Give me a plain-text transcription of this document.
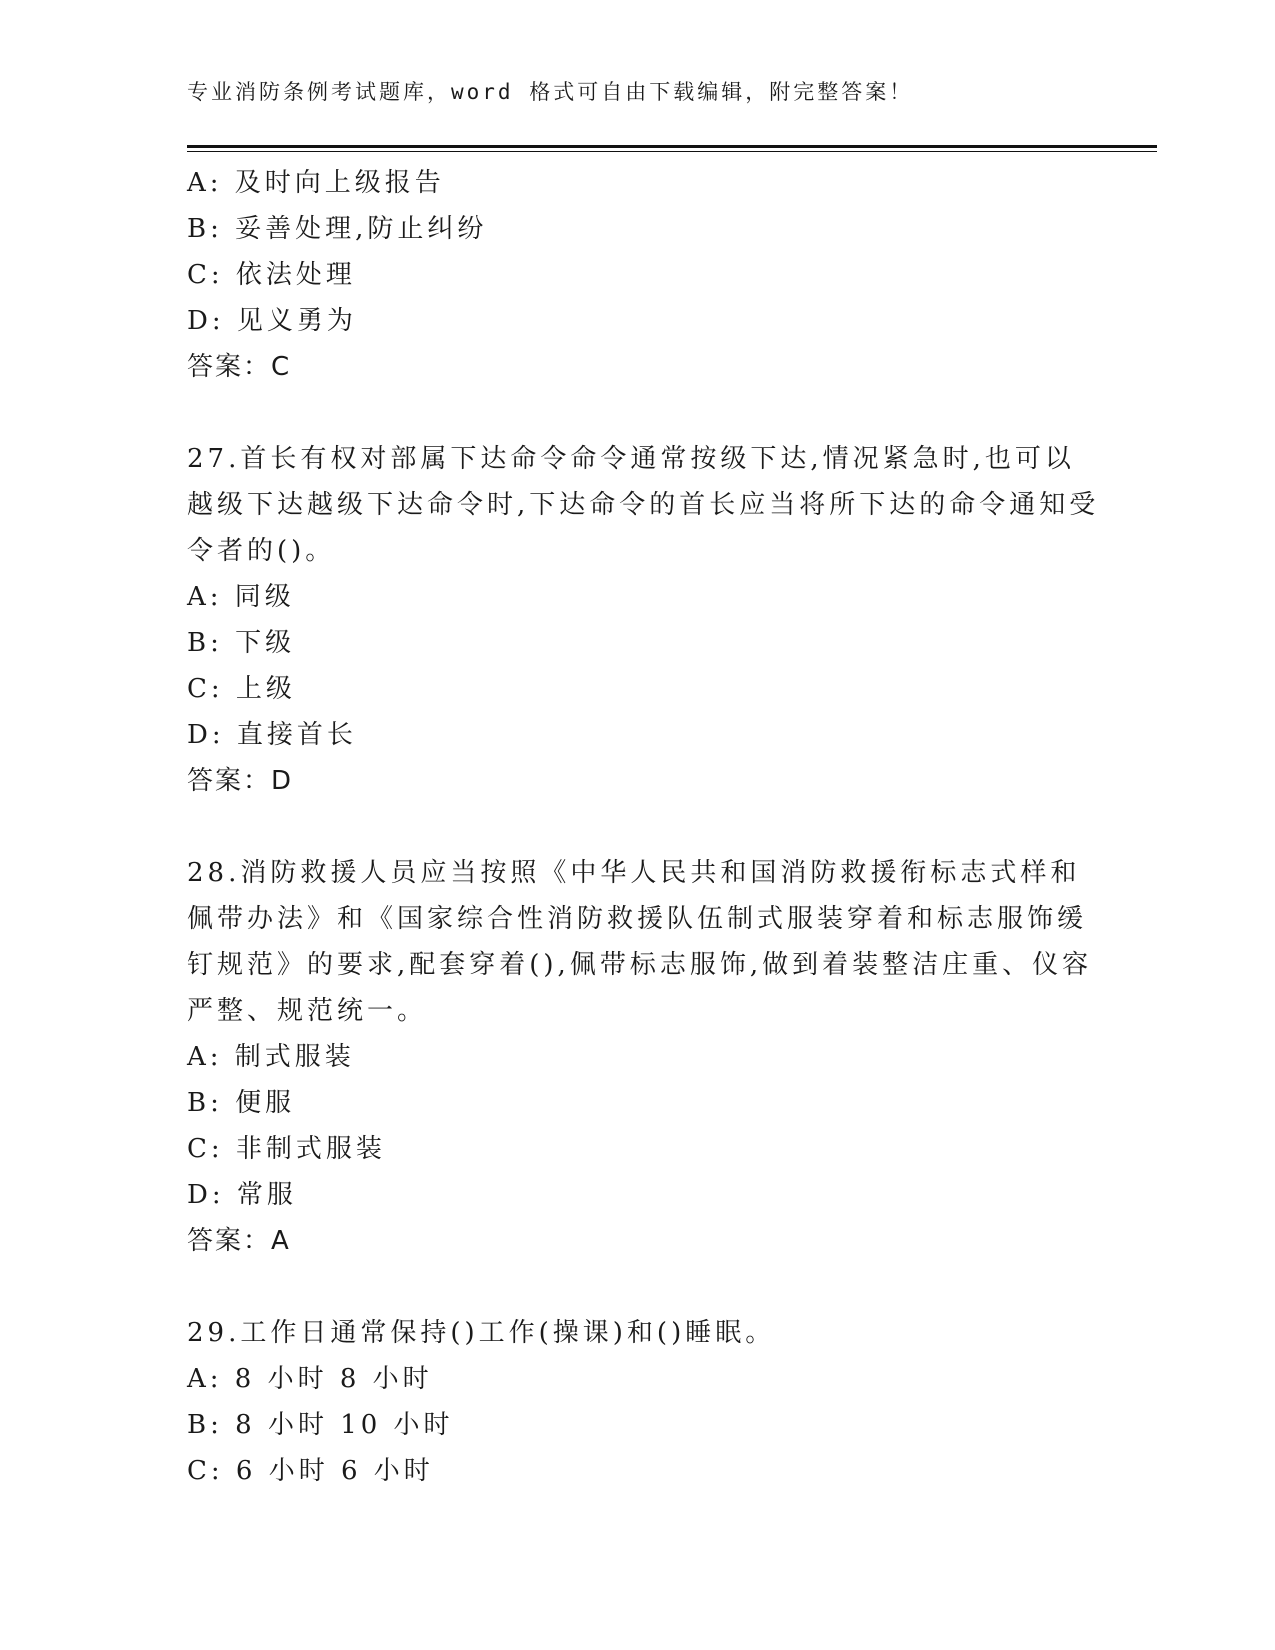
专业消防条例考试题库，word 格式可自由下载编辑，附完整答案！
A: 及时向上级报告
B: 妥善处理,防止纠纷
C: 依法处理
D: 见义勇为
答案：C
27.首长有权对部属下达命令命令通常按级下达,情况紧急时,也可以
越级下达越级下达命令时,下达命令的首长应当将所下达的命令通知受
令者的()。
A: 同级
B: 下级
C: 上级
D: 直接首长
答案：D
28.消防救援人员应当按照《中华人民共和国消防救援衔标志式样和
佩带办法》和《国家综合性消防救援队伍制式服装穿着和标志服饰缓
钉规范》的要求,配套穿着(),佩带标志服饰,做到着装整洁庄重、仪容
严整、规范统一。
A: 制式服装
B: 便服
C: 非制式服装
D: 常服
答案：A
29.工作日通常保持()工作(操课)和()睡眠。
A: 8 小时 8 小时
B: 8 小时 10 小时
C: 6 小时 6 小时
